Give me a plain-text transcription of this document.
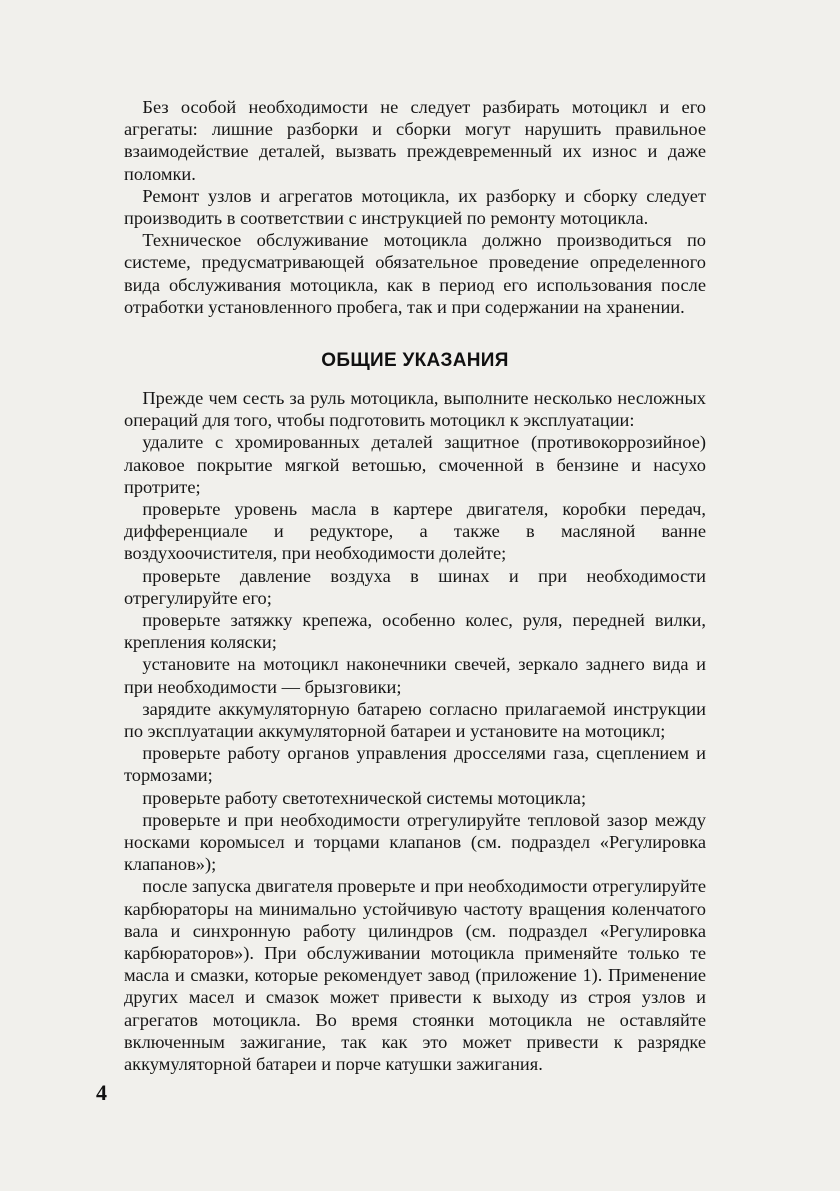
 Без особой необходимости не следует разбирать мотоцикл и его агрегаты: лишние разборки и сборки могут нарушить правильное взаимодействие деталей, вызвать преждевременный их износ и даже поломки.

 Ремонт узлов и агрегатов мотоцикла, их разборку и сборку следует производить в соответствии с инструкцией по ремонту мотоцикла.

 Техническое обслуживание мотоцикла должно производиться по системе, предусматривающей обязательное проведение определенного вида обслуживания мотоцикла, как в период его использования после отработки установленного пробега, так и при содержании на хранении.

ОБЩИЕ УКАЗАНИЯ

 Прежде чем сесть за руль мотоцикла, выполните несколько несложных операций для того, чтобы подготовить мотоцикл к эксплуатации:

 удалите с хромированных деталей защитное (противокоррозийное) лаковое покрытие мягкой ветошью, смоченной в бензине и насухо протрите;

 проверьте уровень масла в картере двигателя, коробки передач, дифференциале и редукторе, а также в масляной ванне воздухоочистителя, при необходимости долейте;

 проверьте давление воздуха в шинах и при необходимости отрегулируйте его;

 проверьте затяжку крепежа, особенно колес, руля, передней вилки, крепления коляски;

 установите на мотоцикл наконечники свечей, зеркало заднего вида и при необходимости — брызговики;

 зарядите аккумуляторную батарею согласно прилагаемой инструкции по эксплуатации аккумуляторной батареи и установите на мотоцикл;

 проверьте работу органов управления дросселями газа, сцеплением и тормозами;

 проверьте работу светотехнической системы мотоцикла;

 проверьте и при необходимости отрегулируйте тепловой зазор между носками коромысел и торцами клапанов (см. подраздел «Регулировка клапанов»);

 после запуска двигателя проверьте и при необходимости отрегулируйте карбюраторы на минимально устойчивую частоту вращения коленчатого вала и синхронную работу цилиндров (см. подраздел «Регулировка карбюраторов»). При обслуживании мотоцикла применяйте только те масла и смазки, которые рекомендует завод (приложение 1). Применение других масел и смазок может привести к выходу из строя узлов и агрегатов мотоцикла. Во время стоянки мотоцикла не оставляйте включенным зажигание, так как это может привести к разрядке аккумуляторной батареи и порче катушки зажигания.

4
